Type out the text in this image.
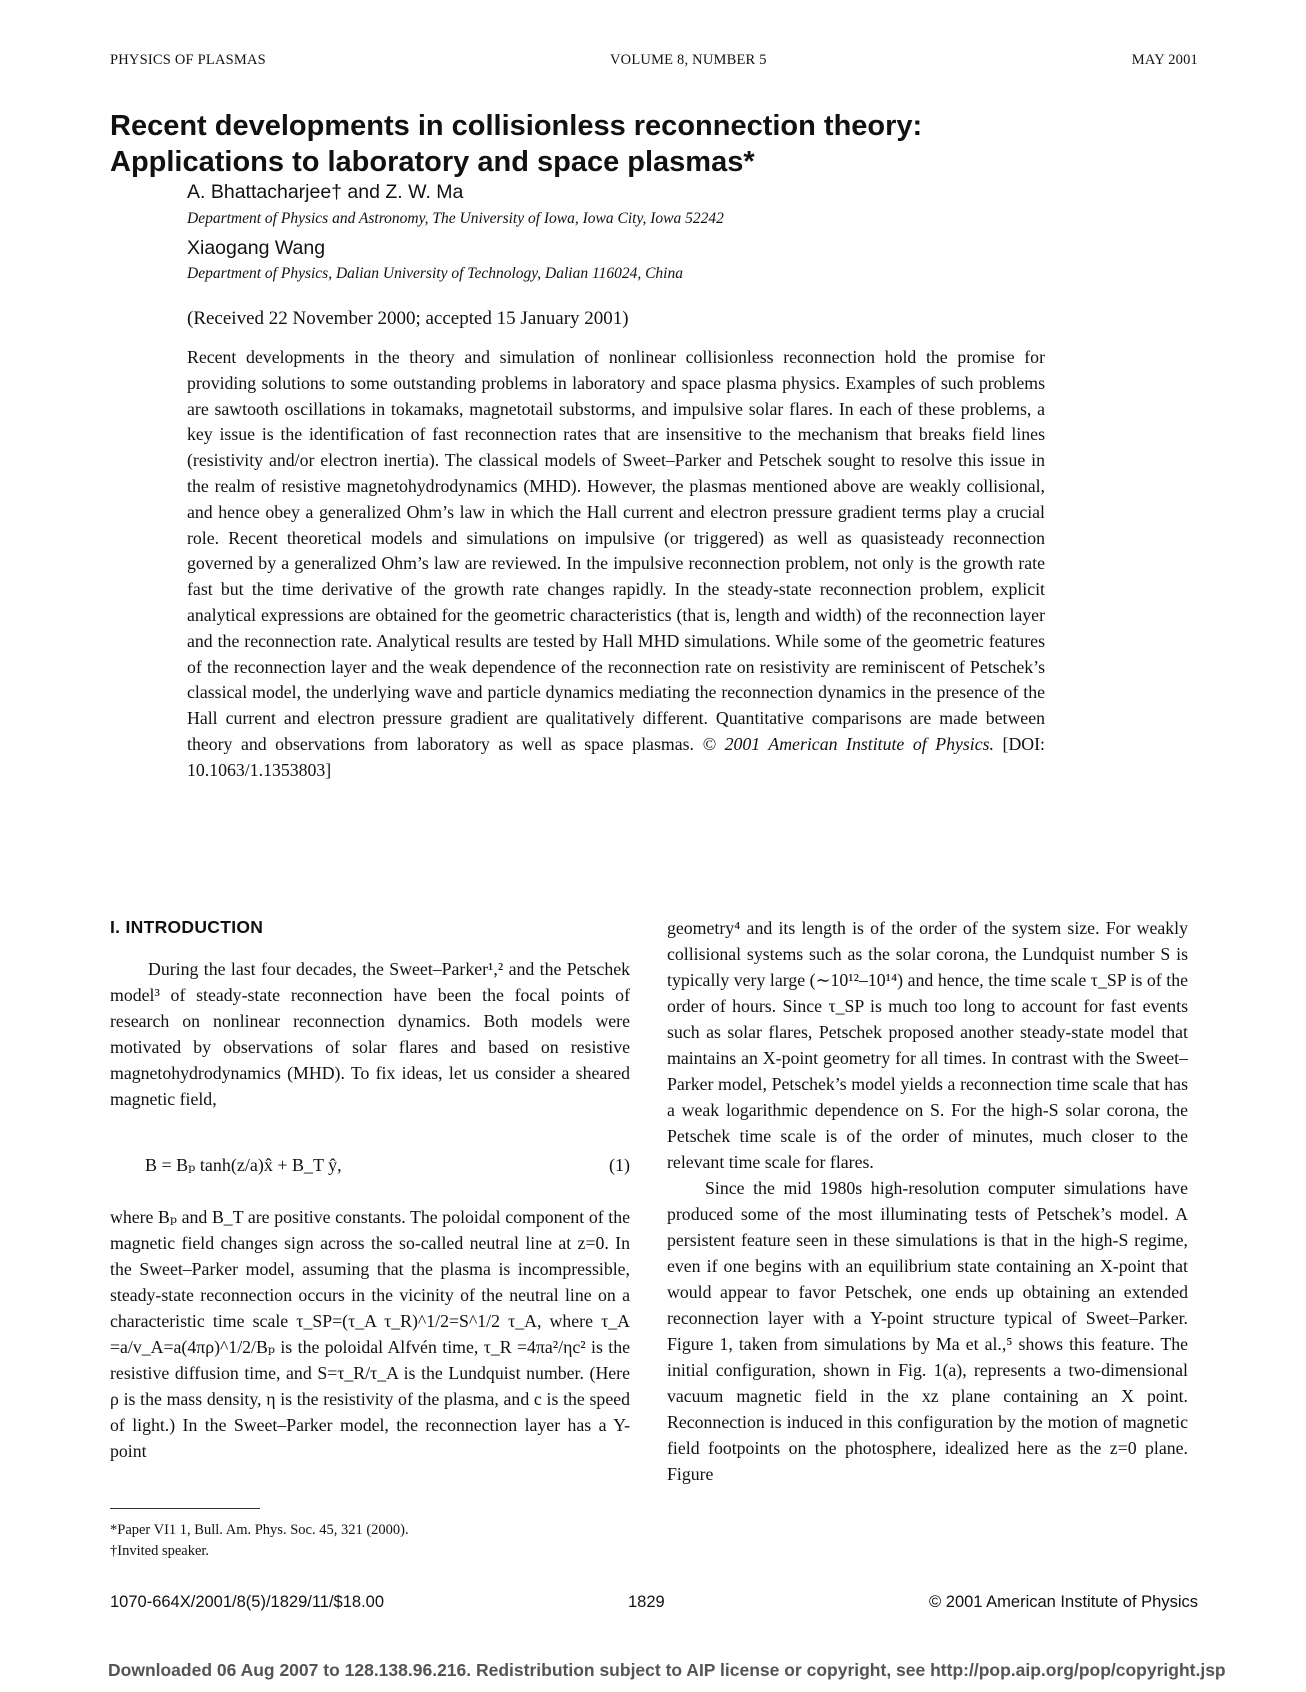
PHYSICS OF PLASMAS	VOLUME 8, NUMBER 5	MAY 2001
Recent developments in collisionless reconnection theory:
Applications to laboratory and space plasmas*
A. Bhattacharjee† and Z. W. Ma
Department of Physics and Astronomy, The University of Iowa, Iowa City, Iowa 52242
Xiaogang Wang
Department of Physics, Dalian University of Technology, Dalian 116024, China
(Received 22 November 2000; accepted 15 January 2001)
Recent developments in the theory and simulation of nonlinear collisionless reconnection hold the promise for providing solutions to some outstanding problems in laboratory and space plasma physics. Examples of such problems are sawtooth oscillations in tokamaks, magnetotail substorms, and impulsive solar flares. In each of these problems, a key issue is the identification of fast reconnection rates that are insensitive to the mechanism that breaks field lines (resistivity and/or electron inertia). The classical models of Sweet–Parker and Petschek sought to resolve this issue in the realm of resistive magnetohydrodynamics (MHD). However, the plasmas mentioned above are weakly collisional, and hence obey a generalized Ohm’s law in which the Hall current and electron pressure gradient terms play a crucial role. Recent theoretical models and simulations on impulsive (or triggered) as well as quasisteady reconnection governed by a generalized Ohm’s law are reviewed. In the impulsive reconnection problem, not only is the growth rate fast but the time derivative of the growth rate changes rapidly. In the steady-state reconnection problem, explicit analytical expressions are obtained for the geometric characteristics (that is, length and width) of the reconnection layer and the reconnection rate. Analytical results are tested by Hall MHD simulations. While some of the geometric features of the reconnection layer and the weak dependence of the reconnection rate on resistivity are reminiscent of Petschek’s classical model, the underlying wave and particle dynamics mediating the reconnection dynamics in the presence of the Hall current and electron pressure gradient are qualitatively different. Quantitative comparisons are made between theory and observations from laboratory as well as space plasmas. © 2001 American Institute of Physics. [DOI: 10.1063/1.1353803]
I. INTRODUCTION

During the last four decades, the Sweet–Parker¹,² and the Petschek model³ of steady-state reconnection have been the focal points of research on nonlinear reconnection dynamics. Both models were motivated by observations of solar flares and based on resistive magnetohydrodynamics (MHD). To fix ideas, let us consider a sheared magnetic field,

B = Bₚ tanh(z/a)x̂ + B_T ŷ,	(1)

where Bₚ and B_T are positive constants. The poloidal component of the magnetic field changes sign across the so-called neutral line at z=0. In the Sweet–Parker model, assuming that the plasma is incompressible, steady-state reconnection occurs in the vicinity of the neutral line on a characteristic time scale τ_SP=(τ_A τ_R)^1/2=S^1/2 τ_A, where τ_A =a/v_A=a(4πρ)^1/2/Bₚ is the poloidal Alfvén time, τ_R =4πa²/ηc² is the resistive diffusion time, and S=τ_R/τ_A is the Lundquist number. (Here ρ is the mass density, η is the resistivity of the plasma, and c is the speed of light.) In the Sweet–Parker model, the reconnection layer has a Y-point

geometry⁴ and its length is of the order of the system size. For weakly collisional systems such as the solar corona, the Lundquist number S is typically very large (∼10¹²–10¹⁴) and hence, the time scale τ_SP is of the order of hours. Since τ_SP is much too long to account for fast events such as solar flares, Petschek proposed another steady-state model that maintains an X-point geometry for all times. In contrast with the Sweet–Parker model, Petschek’s model yields a reconnection time scale that has a weak logarithmic dependence on S. For the high-S solar corona, the Petschek time scale is of the order of minutes, much closer to the relevant time scale for flares.

Since the mid 1980s high-resolution computer simulations have produced some of the most illuminating tests of Petschek’s model. A persistent feature seen in these simulations is that in the high-S regime, even if one begins with an equilibrium state containing an X-point that would appear to favor Petschek, one ends up obtaining an extended reconnection layer with a Y-point structure typical of Sweet–Parker. Figure 1, taken from simulations by Ma et al.,⁵ shows this feature. The initial configuration, shown in Fig. 1(a), represents a two-dimensional vacuum magnetic field in the xz plane containing an X point. Reconnection is induced in this configuration by the motion of magnetic field footpoints on the photosphere, idealized here as the z=0 plane. Figure

*Paper VI1 1, Bull. Am. Phys. Soc. 45, 321 (2000).
†Invited speaker.
1070-664X/2001/8(5)/1829/11/$18.00	1829	© 2001 American Institute of Physics
Downloaded 06 Aug 2007 to 128.138.96.216. Redistribution subject to AIP license or copyright, see http://pop.aip.org/pop/copyright.jsp
